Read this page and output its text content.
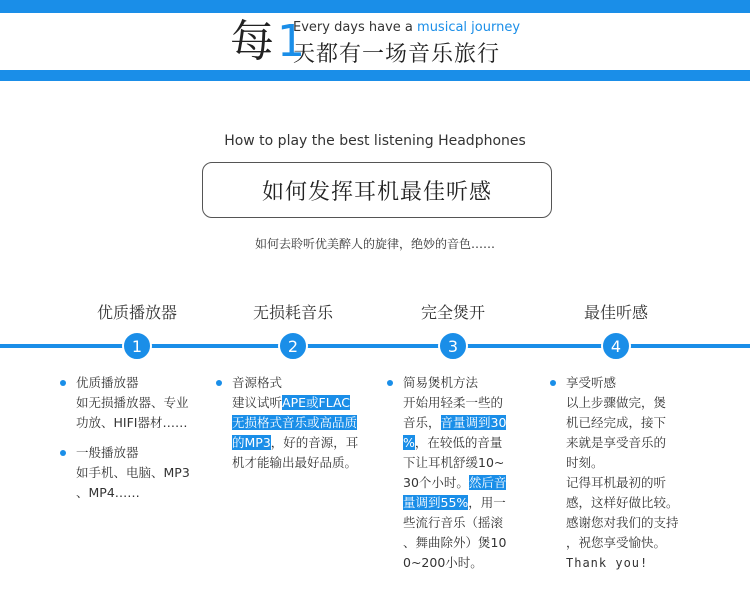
每 1
Every days have a musical journey
天都有一场音乐旅行
How to play the best listening Headphones
如何发挥耳机最佳听感
如何去聆听优美醉人的旋律，绝妙的音色……
优质播放器	无损耗音乐	完全煲开	最佳听感
1	2	3	4
优质播放器
如无损播放器、专业
功放、HIFI器材……
一般播放器
如手机、电脑、MP3
、MP4……
音源格式
建议试听APE或FLAC
无损格式音乐或高品质
的MP3，好的音源，耳
机才能输出最好品质。
简易煲机方法
开始用轻柔一些的
音乐，音量调到30
%，在较低的音量
下让耳机舒缓10~
30个小时。然后音
量调到55%，用一
些流行音乐（摇滚
、舞曲除外）煲10
0~200小时。
享受听感
以上步骤做完，煲
机已经完成，接下
来就是享受音乐的
时刻。
记得耳机最初的听
感，这样好做比较。
感谢您对我们的支持
，祝您享受愉快。
Thank you!
